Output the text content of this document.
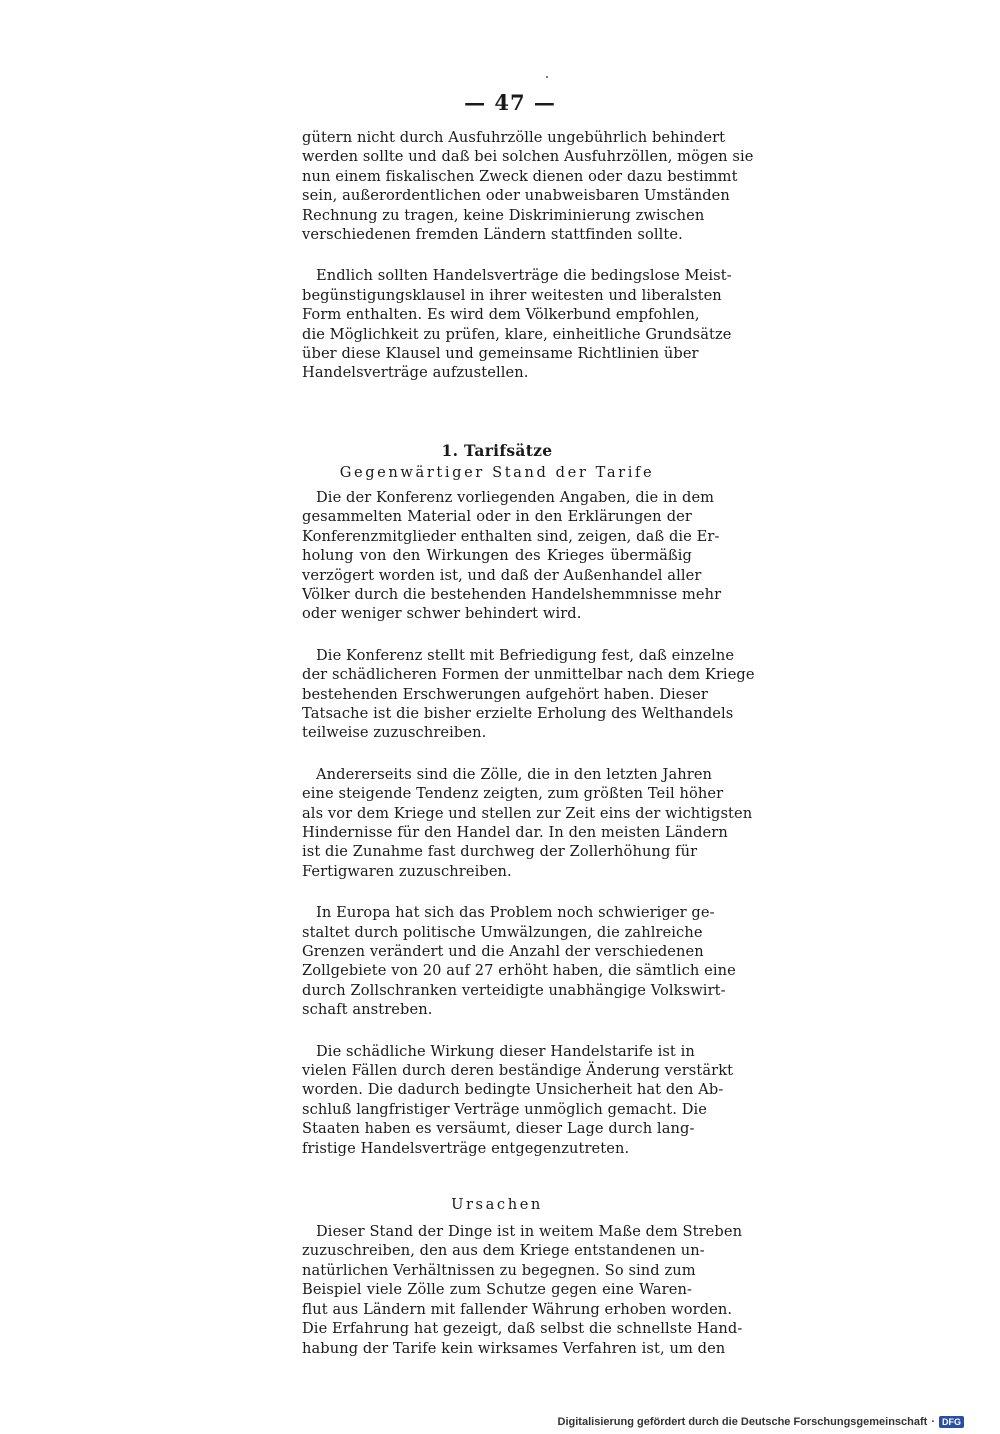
— 47 —
gütern nicht durch Ausfuhrzölle ungebührlich behindert
werden sollte und daß bei solchen Ausfuhrzöllen, mögen sie
nun einem fiskalischen Zweck dienen oder dazu bestimmt
sein, außerordentlichen oder unabweisbaren Umständen
Rechnung zu tragen, keine Diskriminierung zwischen
verschiedenen fremden Ländern stattfinden sollte.
Endlich sollten Handelsverträge die bedingslose Meist-
begünstigungsklausel in ihrer weitesten und liberalsten
Form enthalten. Es wird dem Völkerbund empfohlen,
die Möglichkeit zu prüfen, klare, einheitliche Grundsätze
über diese Klausel und gemeinsame Richtlinien über
Handelsverträge aufzustellen.
1. Tarifsätze
Gegenwärtiger Stand der Tarife
Die der Konferenz vorliegenden Angaben, die in dem
gesammelten Material oder in den Erklärungen der
Konferenzmitglieder enthalten sind, zeigen, daß die Er-
holung von den Wirkungen des Krieges übermäßig
verzögert worden ist, und daß der Außenhandel aller
Völker durch die bestehenden Handelshemmnisse mehr
oder weniger schwer behindert wird.
Die Konferenz stellt mit Befriedigung fest, daß einzelne
der schädlicheren Formen der unmittelbar nach dem Kriege
bestehenden Erschwerungen aufgehört haben. Dieser
Tatsache ist die bisher erzielte Erholung des Welthandels
teilweise zuzuschreiben.
Andererseits sind die Zölle, die in den letzten Jahren
eine steigende Tendenz zeigten, zum größten Teil höher
als vor dem Kriege und stellen zur Zeit eins der wichtigsten
Hindernisse für den Handel dar. In den meisten Ländern
ist die Zunahme fast durchweg der Zollerhöhung für
Fertigwaren zuzuschreiben.
In Europa hat sich das Problem noch schwieriger ge-
staltet durch politische Umwälzungen, die zahlreiche
Grenzen verändert und die Anzahl der verschiedenen
Zollgebiete von 20 auf 27 erhöht haben, die sämtlich eine
durch Zollschranken verteidigte unabhängige Volkswirt-
schaft anstreben.
Die schädliche Wirkung dieser Handelstarife ist in
vielen Fällen durch deren beständige Änderung verstärkt
worden. Die dadurch bedingte Unsicherheit hat den Ab-
schluß langfristiger Verträge unmöglich gemacht. Die
Staaten haben es versäumt, dieser Lage durch lang-
fristige Handelsverträge entgegenzutreten.
Ursachen
Dieser Stand der Dinge ist in weitem Maße dem Streben
zuzuschreiben, den aus dem Kriege entstandenen un-
natürlichen Verhältnissen zu begegnen. So sind zum
Beispiel viele Zölle zum Schutze gegen eine Waren-
flut aus Ländern mit fallender Währung erhoben worden.
Die Erfahrung hat gezeigt, daß selbst die schnellste Hand-
habung der Tarife kein wirksames Verfahren ist, um den
Digitalisierung gefördert durch die Deutsche Forschungsgemeinschaft · DFG
